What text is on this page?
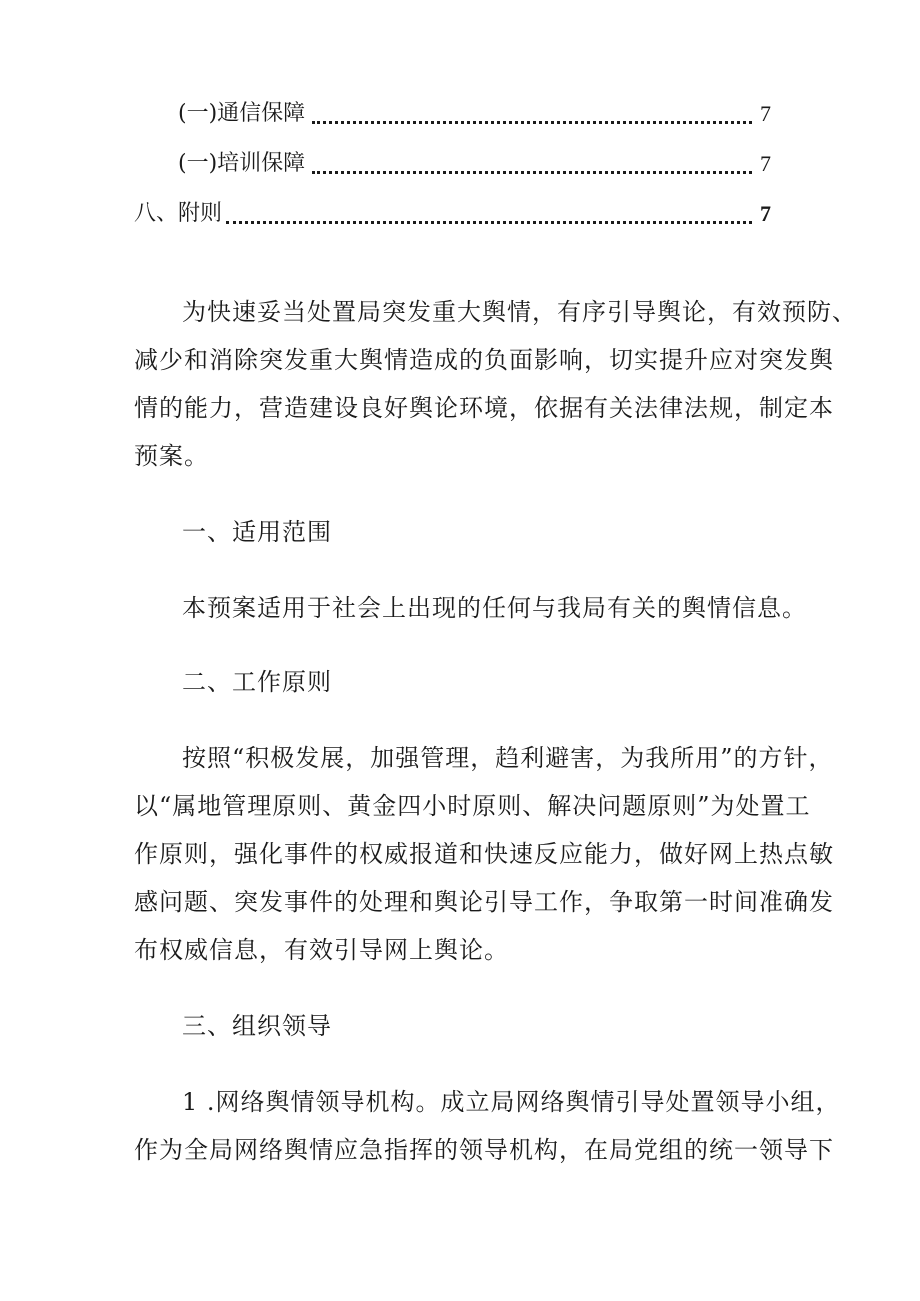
(一)通信保障	7
(一)培训保障	7
八、附则	7

为快速妥当处置局突发重大舆情，有序引导舆论，有效预防、

减少和消除突发重大舆情造成的负面影响，切实提升应对突发舆

情的能力，营造建设良好舆论环境，依据有关法律法规，制定本

预案。

一、适用范围

本预案适用于社会上出现的任何与我局有关的舆情信息。

二、工作原则

按照“积极发展，加强管理，趋利避害，为我所用”的方针，

以“属地管理原则、黄金四小时原则、解决问题原则”为处置工

作原则，强化事件的权威报道和快速反应能力，做好网上热点敏

感问题、突发事件的处理和舆论引导工作，争取第一时间准确发

布权威信息，有效引导网上舆论。

三、组织领导

1 .网络舆情领导机构。成立局网络舆情引导处置领导小组，

作为全局网络舆情应急指挥的领导机构，在局党组的统一领导下
